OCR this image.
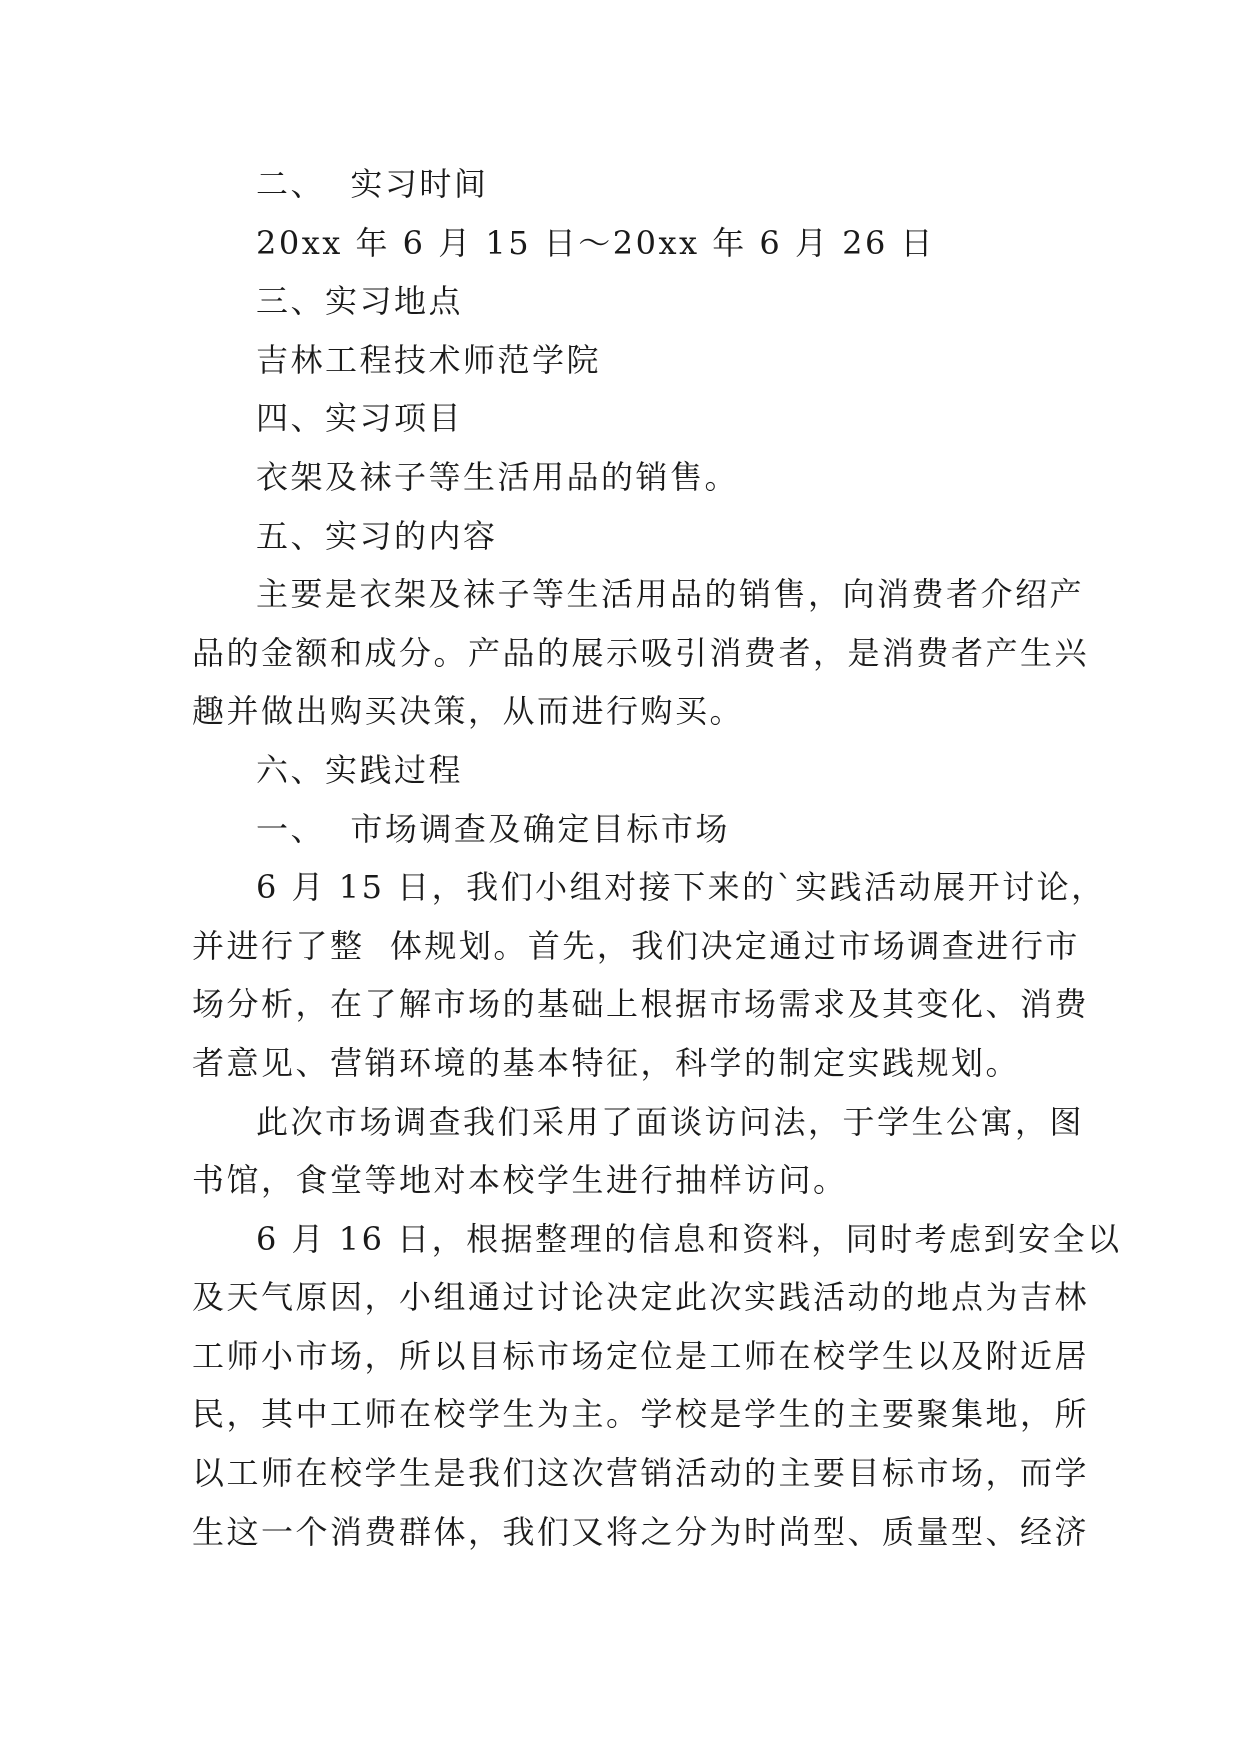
二、  实习时间
20xx 年 6 月 15 日～20xx 年 6 月 26 日
三、实习地点
吉林工程技术师范学院
四、实习项目
衣架及袜子等生活用品的销售。
五、实习的内容
主要是衣架及袜子等生活用品的销售，向消费者介绍产
品的金额和成分。产品的展示吸引消费者，是消费者产生兴
趣并做出购买决策，从而进行购买。
六、实践过程
一、  市场调查及确定目标市场
6 月 15 日，我们小组对接下来的`实践活动展开讨论，
并进行了整  体规划。首先，我们决定通过市场调查进行市
场分析，在了解市场的基础上根据市场需求及其变化、消费
者意见、营销环境的基本特征，科学的制定实践规划。
此次市场调查我们采用了面谈访问法，于学生公寓，图
书馆，食堂等地对本校学生进行抽样访问。
6 月 16 日，根据整理的信息和资料，同时考虑到安全以
及天气原因，小组通过讨论决定此次实践活动的地点为吉林
工师小市场，所以目标市场定位是工师在校学生以及附近居
民，其中工师在校学生为主。学校是学生的主要聚集地，所
以工师在校学生是我们这次营销活动的主要目标市场，而学
生这一个消费群体，我们又将之分为时尚型、质量型、经济
